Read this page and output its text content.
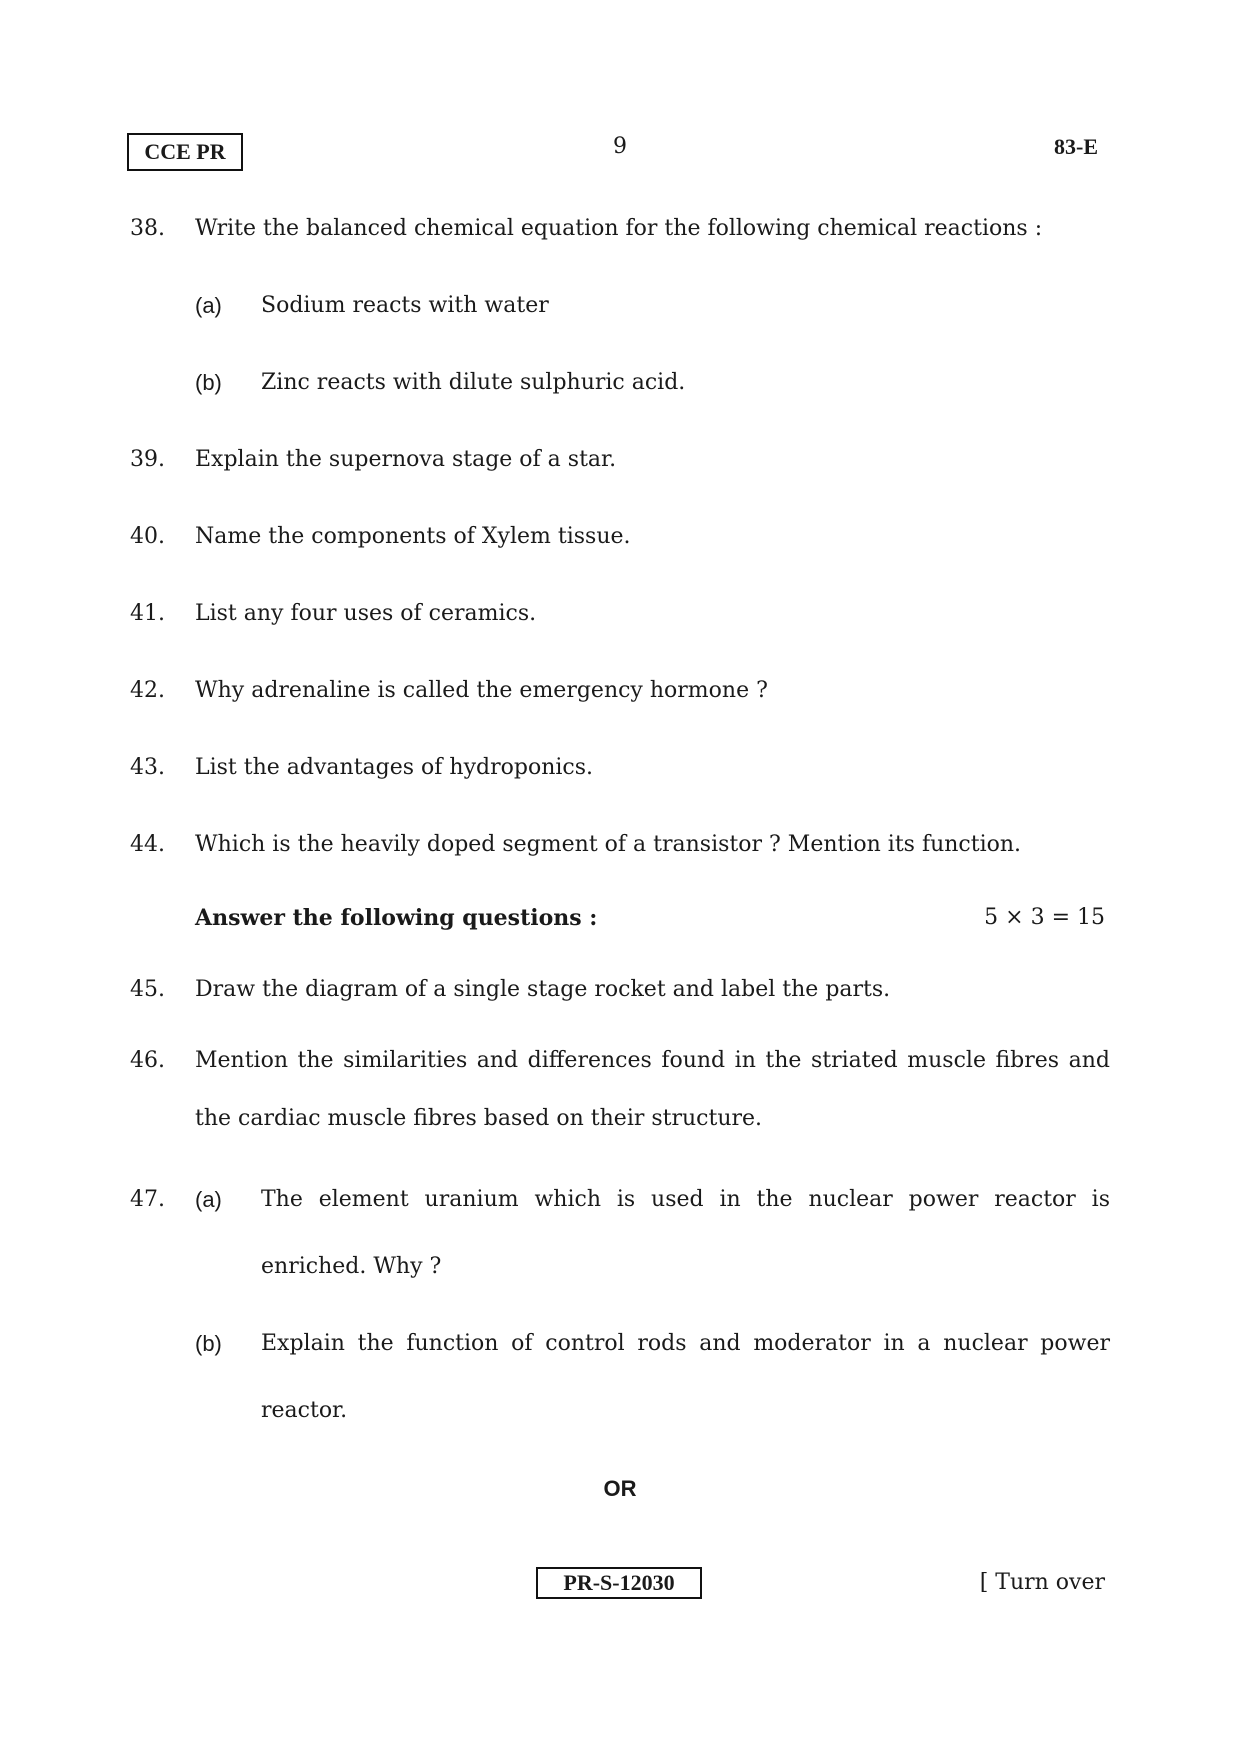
CCE PR	9	83-E
38. Write the balanced chemical equation for the following chemical reactions :
(a) Sodium reacts with water
(b) Zinc reacts with dilute sulphuric acid.
39. Explain the supernova stage of a star.
40. Name the components of Xylem tissue.
41. List any four uses of ceramics.
42. Why adrenaline is called the emergency hormone ?
43. List the advantages of hydroponics.
44. Which is the heavily doped segment of a transistor ? Mention its function.
Answer the following questions :	5 × 3 = 15
45. Draw the diagram of a single stage rocket and label the parts.
46. Mention the similarities and differences found in the striated muscle fibres and
the cardiac muscle fibres based on their structure.
47. (a) The element uranium which is used in the nuclear power reactor is
enriched. Why ?
(b) Explain the function of control rods and moderator in a nuclear power
reactor.
OR
PR-S-12030	[ Turn over
